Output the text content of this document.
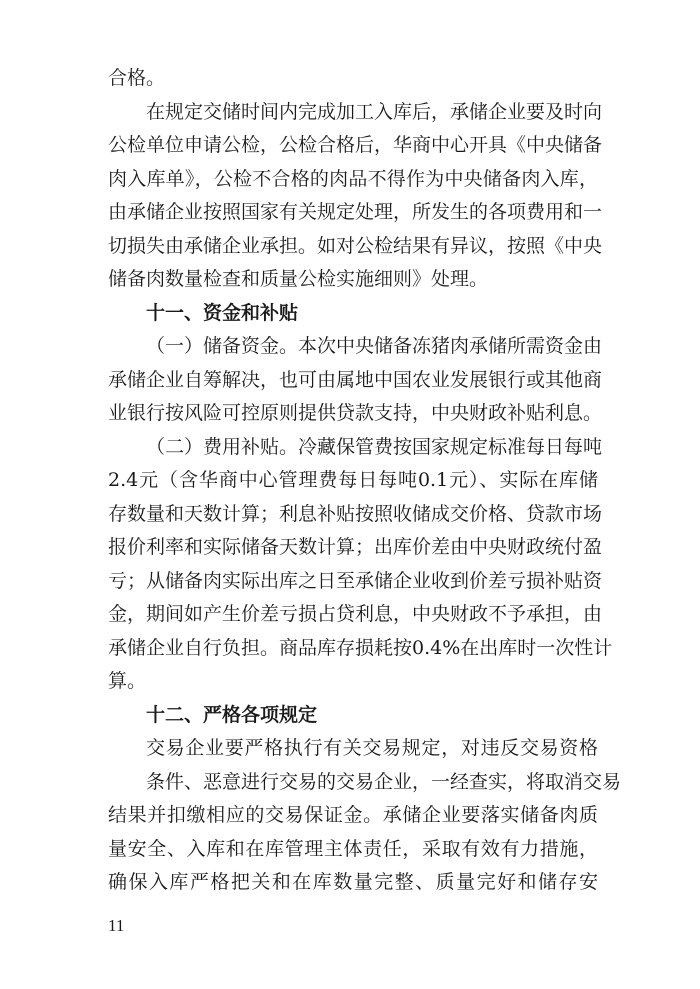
合格。
在规定交储时间内完成加工入库后，承储企业要及时向
公检单位申请公检，公检合格后，华商中心开具《中央储备
肉入库单》，公检不合格的肉品不得作为中央储备肉入库，
由承储企业按照国家有关规定处理，所发生的各项费用和一
切损失由承储企业承担。如对公检结果有异议，按照《中央
储备肉数量检查和质量公检实施细则》处理。
十一、资金和补贴
（一）储备资金。本次中央储备冻猪肉承储所需资金由
承储企业自筹解决，也可由属地中国农业发展银行或其他商
业银行按风险可控原则提供贷款支持，中央财政补贴利息。
（二）费用补贴。冷藏保管费按国家规定标准每日每吨
2.4元（含华商中心管理费每日每吨0.1元）、实际在库储
存数量和天数计算；利息补贴按照收储成交价格、贷款市场
报价利率和实际储备天数计算；出库价差由中央财政统付盈
亏；从储备肉实际出库之日至承储企业收到价差亏损补贴资
金，期间如产生价差亏损占贷利息，中央财政不予承担，由
承储企业自行负担。商品库存损耗按0.4%在出库时一次性计
算。
十二、严格各项规定
交易企业要严格执行有关交易规定，对违反交易资格
条件、恶意进行交易的交易企业，一经查实，将取消交易
结果并扣缴相应的交易保证金。承储企业要落实储备肉质
量安全、入库和在库管理主体责任，采取有效有力措施，
确保入库严格把关和在库数量完整、质量完好和储存安
11
